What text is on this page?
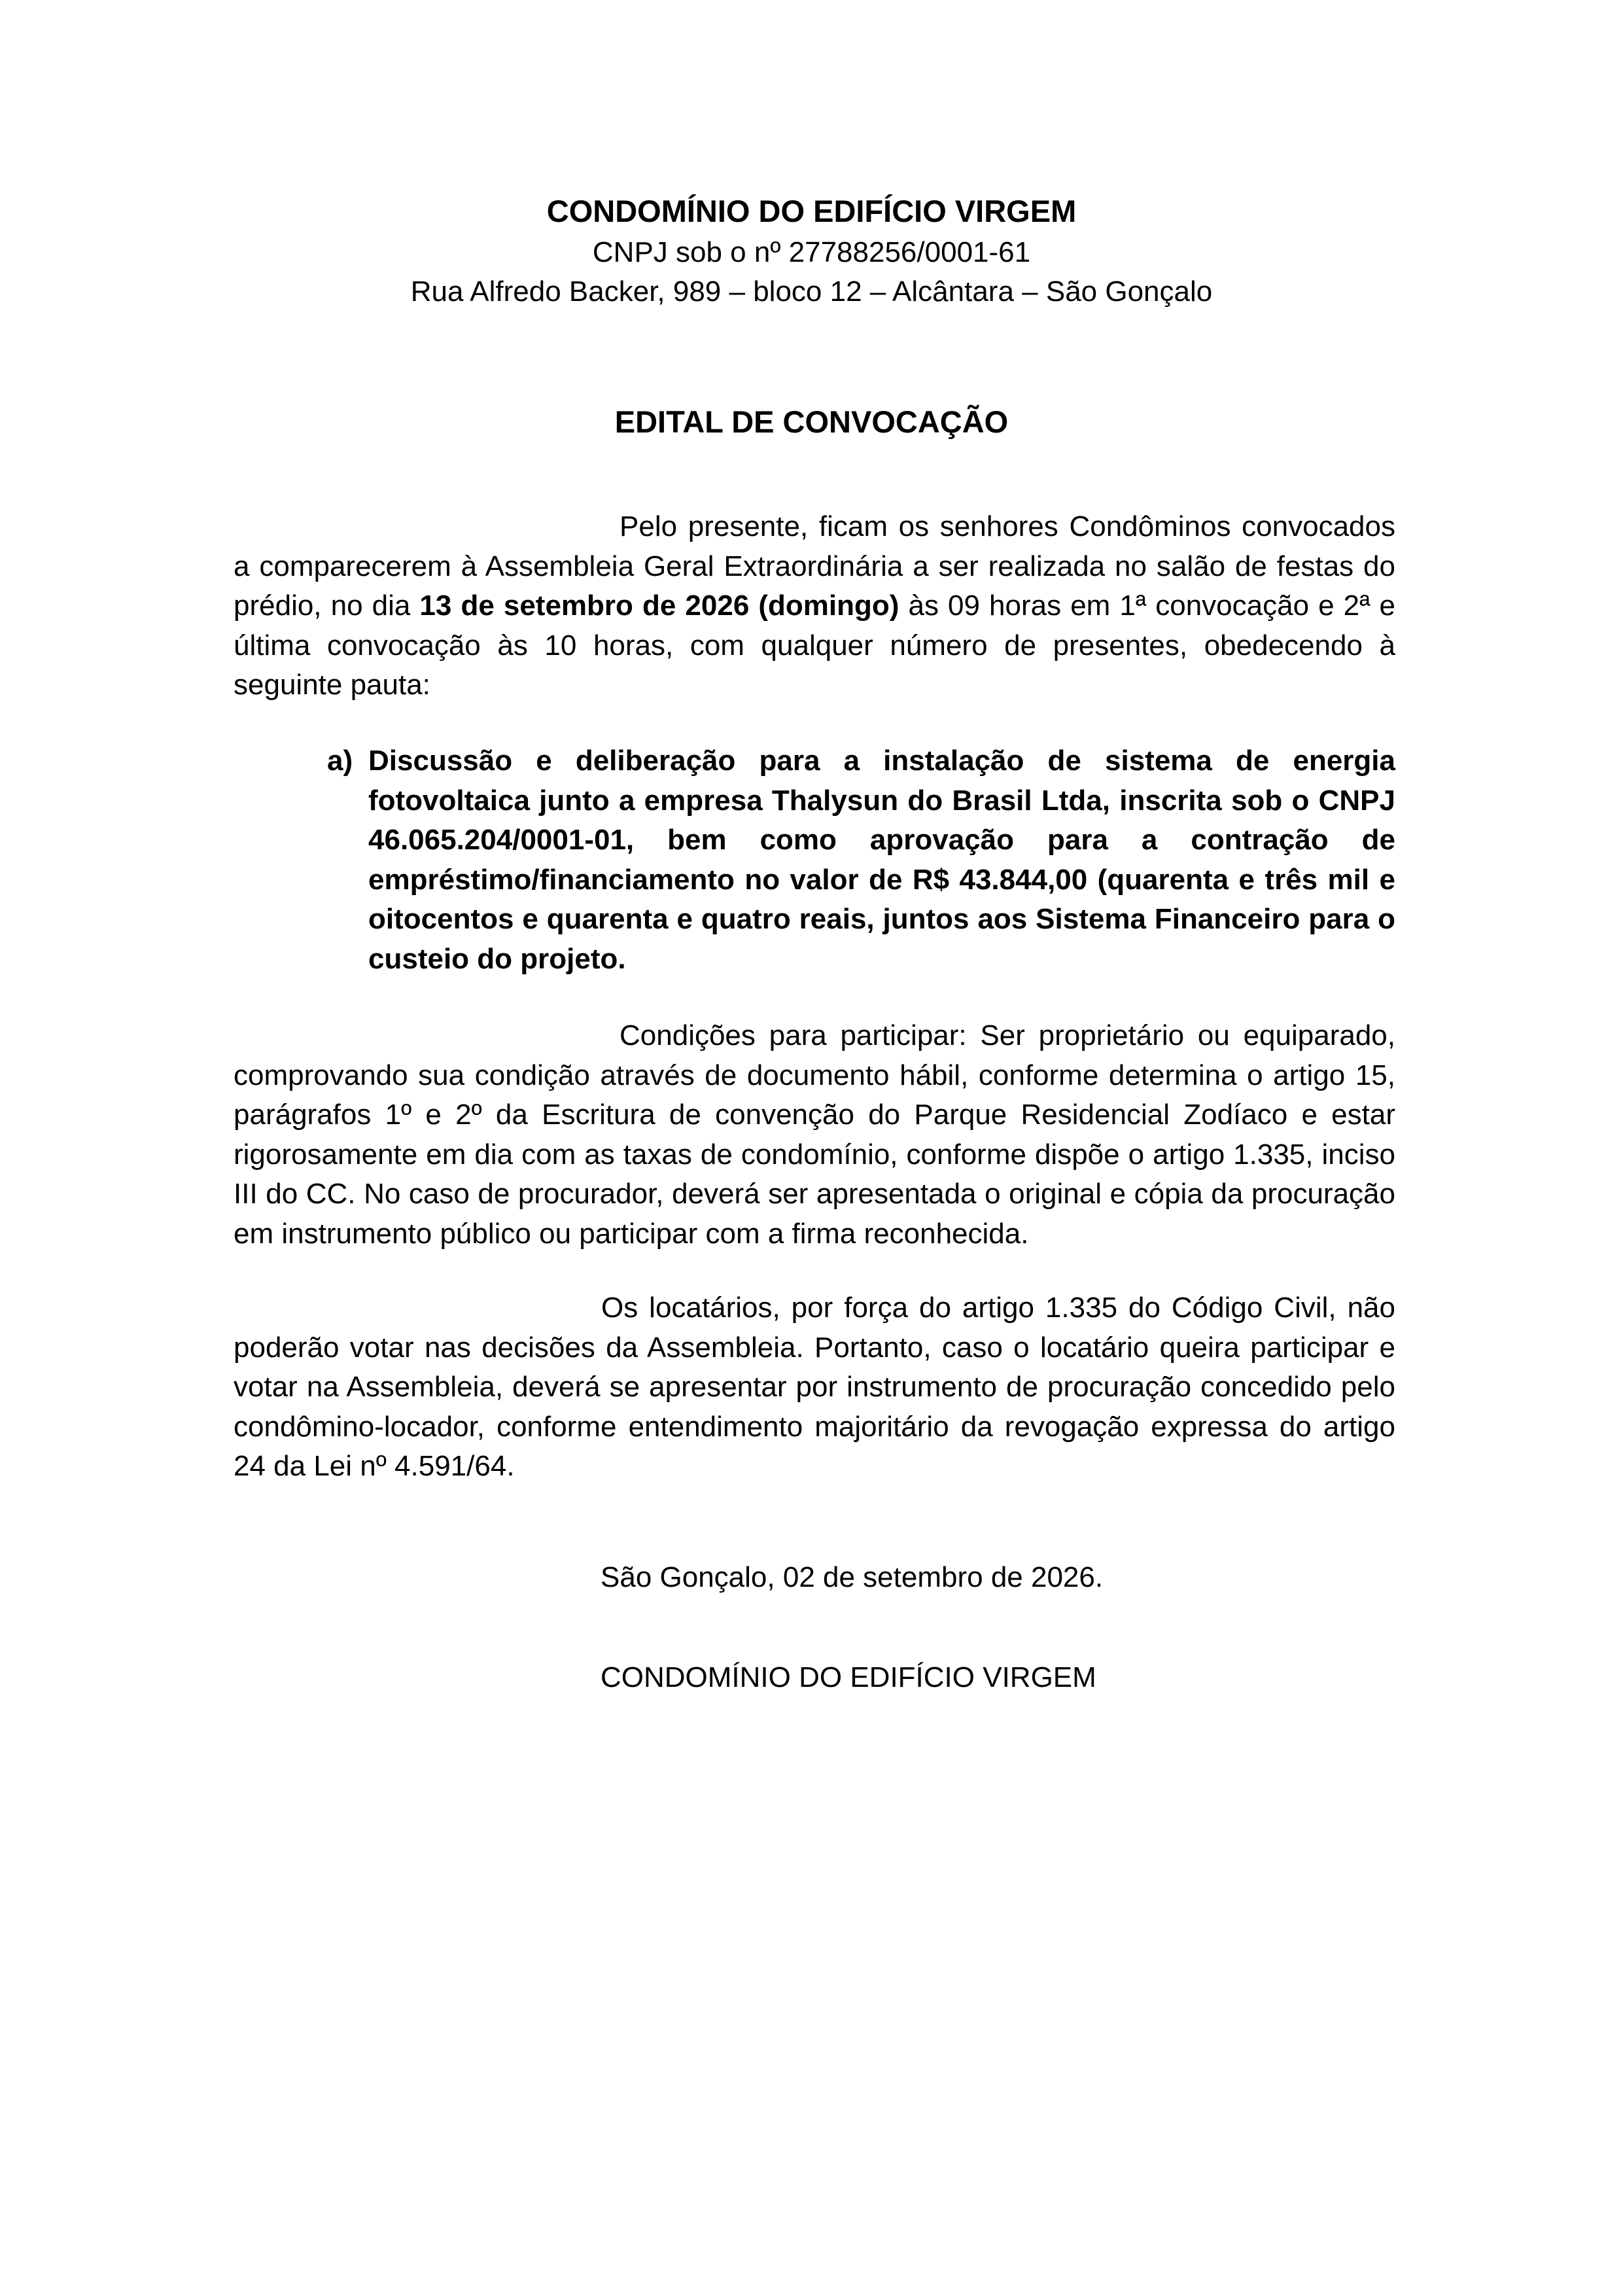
CONDOMÍNIO DO EDIFÍCIO VIRGEM

CNPJ sob o nº 27788256/0001-61

Rua Alfredo Backer, 989 – bloco 12 – Alcântara – São Gonçalo

EDITAL DE CONVOCAÇÃO

Pelo presente, ficam os senhores Condôminos convocados a comparecerem à Assembleia Geral Extraordinária a ser realizada no salão de festas do prédio, no dia 13 de setembro de 2026 (domingo) às 09 horas em 1ª convocação e 2ª e última convocação às 10 horas, com qualquer número de presentes, obedecendo à seguinte pauta:

a) Discussão e deliberação para a instalação de sistema de energia fotovoltaica junto a empresa Thalysun do Brasil Ltda, inscrita sob o CNPJ 46.065.204/0001-01, bem como aprovação para a contração de empréstimo/financiamento no valor de R$ 43.844,00 (quarenta e três mil e oitocentos e quarenta e quatro reais, juntos aos Sistema Financeiro para o custeio do projeto.

Condições para participar: Ser proprietário ou equiparado, comprovando sua condição através de documento hábil, conforme determina o artigo 15, parágrafos 1º e 2º da Escritura de convenção do Parque Residencial Zodíaco e estar rigorosamente em dia com as taxas de condomínio, conforme dispõe o artigo 1.335, inciso III do CC. No caso de procurador, deverá ser apresentada o original e cópia da procuração em instrumento público ou participar com a firma reconhecida.

Os locatários, por força do artigo 1.335 do Código Civil, não poderão votar nas decisões da Assembleia. Portanto, caso o locatário queira participar e votar na Assembleia, deverá se apresentar por instrumento de procuração concedido pelo condômino-locador, conforme entendimento majoritário da revogação expressa do artigo 24 da Lei nº 4.591/64.

São Gonçalo, 02 de setembro de 2026.

CONDOMÍNIO DO EDIFÍCIO VIRGEM
